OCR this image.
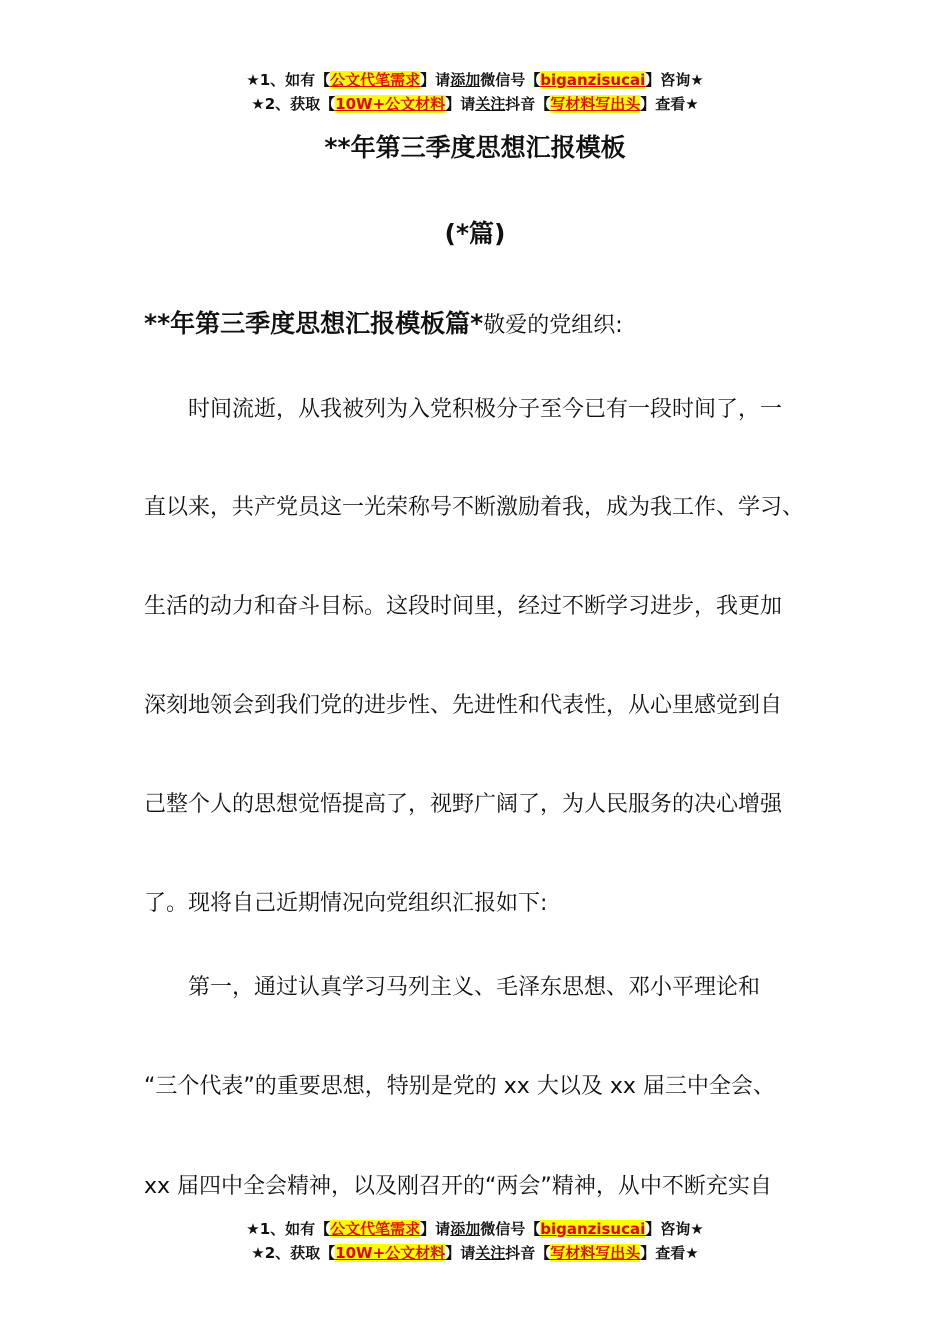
★1、如有【公文代笔需求】请添加微信号【biganzisucai】咨询★
★2、获取【10W+公文材料】请关注抖音【写材料写出头】查看★
**年第三季度思想汇报模板
(*篇)
**年第三季度思想汇报模板篇*敬爱的党组织:
　　时间流逝，从我被列为入党积极分子至今已有一段时间了，一
直以来，共产党员这一光荣称号不断激励着我，成为我工作、学习、
生活的动力和奋斗目标。这段时间里，经过不断学习进步，我更加
深刻地领会到我们党的进步性、先进性和代表性，从心里感觉到自
己整个人的思想觉悟提高了，视野广阔了，为人民服务的决心增强
了。现将自己近期情况向党组织汇报如下:
　　第一，通过认真学习马列主义、毛泽东思想、邓小平理论和
“三个代表”的重要思想，特别是党的 xx 大以及 xx 届三中全会、
xx 届四中全会精神，以及刚召开的“两会”精神，从中不断充实自
★1、如有【公文代笔需求】请添加微信号【biganzisucai】咨询★
★2、获取【10W+公文材料】请关注抖音【写材料写出头】查看★
